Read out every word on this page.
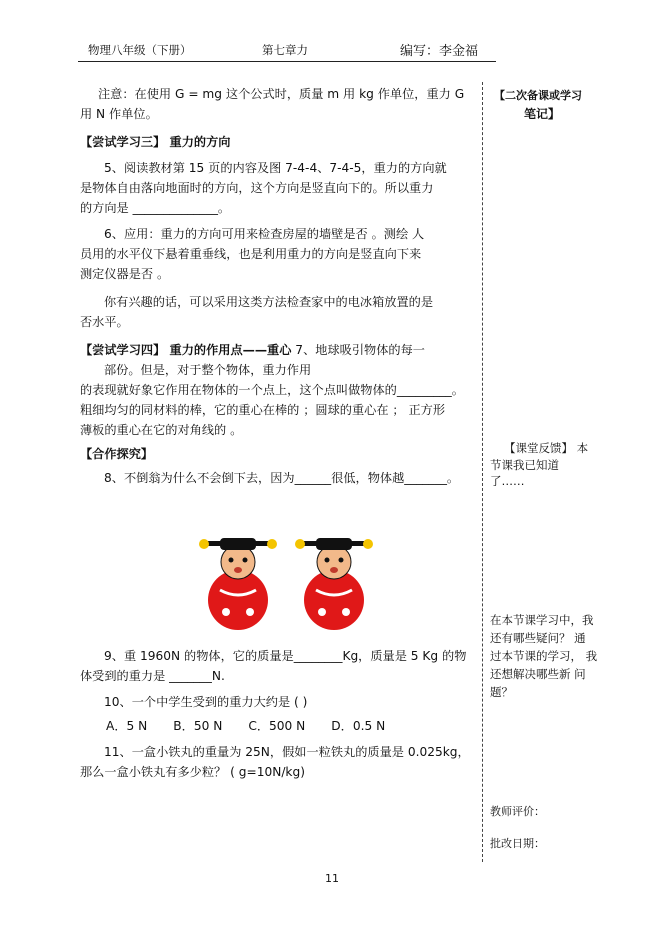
物理八年级（下册）	第七章力	编写：李金福

注意：在使用 G = mg 这个公式时，质量 m 用 kg 作单位，重力 G

用 N 作单位。

【尝试学习三】 重力的方向

5、阅读教材第 15 页的内容及图 7-4-4、7-4-5，重力的方向就

是物体自由落向地面时的方向，这个方向是竖直向下的。所以重力

的方向是 ______________。

6、应用：重力的方向可用来检查房屋的墙壁是否 。测绘 人

员用的水平仪下悬着重垂线，也是利用重力的方向是竖直向下来

测定仪器是否 。

你有兴趣的话，可以采用这类方法检查家中的电冰箱放置的是

否水平。

【尝试学习四】 重力的作用点——重心 7、地球吸引物体的每一

部份。但是，对于整个物体，重力作用

的表现就好象它作用在物体的一个点上，这个点叫做物体的_________。

粗细均匀的同材料的棒，它的重心在棒的 ；圆球的重心在 ； 正方形

薄板的重心在它的对角线的 。

【合作探究】

8、不倒翁为什么不会倒下去，因为______很低，物体越_______。

9、重 1960N 的物体，它的质量是________Kg，质量是 5 Kg 的物

体受到的重力是 _______N.

10、一个中学生受到的重力大约是 ( )

A．5 N B．50 N C．500 N D．0.5 N

11、一盒小铁丸的重量为 25N，假如一粒铁丸的质量是 0.025kg，

那么一盒小铁丸有多少粒？ ( g=10N/kg)

【二次备课或学习
笔记】
【课堂反馈】 本
节课我已知道
了……
在本节课学习中，我
还有哪些疑问？ 通
过本节课的学习， 我
还想解决哪些新 问
题？
教师评价：
批改日期：
11
